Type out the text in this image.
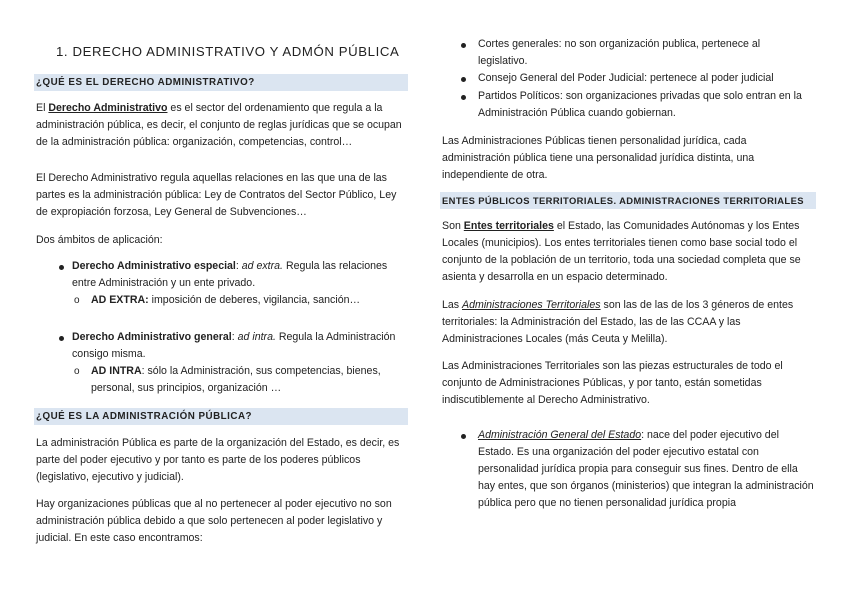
1. DERECHO ADMINISTRATIVO Y ADMÓN PÚBLICA
¿QUÉ ES EL DERECHO ADMINISTRATIVO?

El Derecho Administrativo es el sector del ordenamiento que regula a la administración pública, es decir, el conjunto de reglas jurídicas que se ocupan de la administración pública: organización, competencias, control…

El Derecho Administrativo regula aquellas relaciones en las que una de las partes es la administración pública: Ley de Contratos del Sector Público, Ley de expropiación forzosa, Ley General de Subvenciones…

Dos ámbitos de aplicación:

Derecho Administrativo especial: ad extra. Regula las relaciones entre Administración y un ente privado.

o AD EXTRA: imposición de deberes, vigilancia, sanción…

Derecho Administrativo general: ad intra. Regula la Administración consigo misma.

o AD INTRA: sólo la Administración, sus competencias, bienes, personal, sus principios, organización …

¿QUÉ ES LA ADMINISTRACIÓN PÚBLICA?

La administración Pública es parte de la organización del Estado, es decir, es parte del poder ejecutivo y por tanto es parte de los poderes públicos (legislativo, ejecutivo y judicial).

Hay organizaciones públicas que al no pertenecer al poder ejecutivo no son administración pública debido a que solo pertenecen al poder legislativo y judicial. En este caso encontramos:

Cortes generales: no son organización publica, pertenece al legislativo.

Consejo General del Poder Judicial: pertenece al poder judicial

Partidos Políticos: son organizaciones privadas que solo entran en la Administración Pública cuando gobiernan.

Las Administraciones Públicas tienen personalidad jurídica, cada administración pública tiene una personalidad jurídica distinta, una independiente de otra.

ENTES PÚBLICOS TERRITORIALES. ADMINISTRACIONES TERRITORIALES

Son Entes territoriales el Estado, las Comunidades Autónomas y los Entes Locales (municipios). Los entes territoriales tienen como base social todo el conjunto de la población de un territorio, toda una sociedad completa que se asienta y desarrolla en un espacio determinado.

Las Administraciones Territoriales son las de las de los 3 géneros de entes territoriales: la Administración del Estado, las de las CCAA y las Administraciones Locales (más Ceuta y Melilla).

Las Administraciones Territoriales son las piezas estructurales de todo el conjunto de Administraciones Públicas, y por tanto, están sometidas indiscutiblemente al Derecho Administrativo.

Administración General del Estado: nace del poder ejecutivo del Estado. Es una organización del poder ejecutivo estatal con personalidad jurídica propia para conseguir sus fines. Dentro de ella hay entes, que son órganos (ministerios) que integran la administración pública pero que no tienen personalidad jurídica propia
